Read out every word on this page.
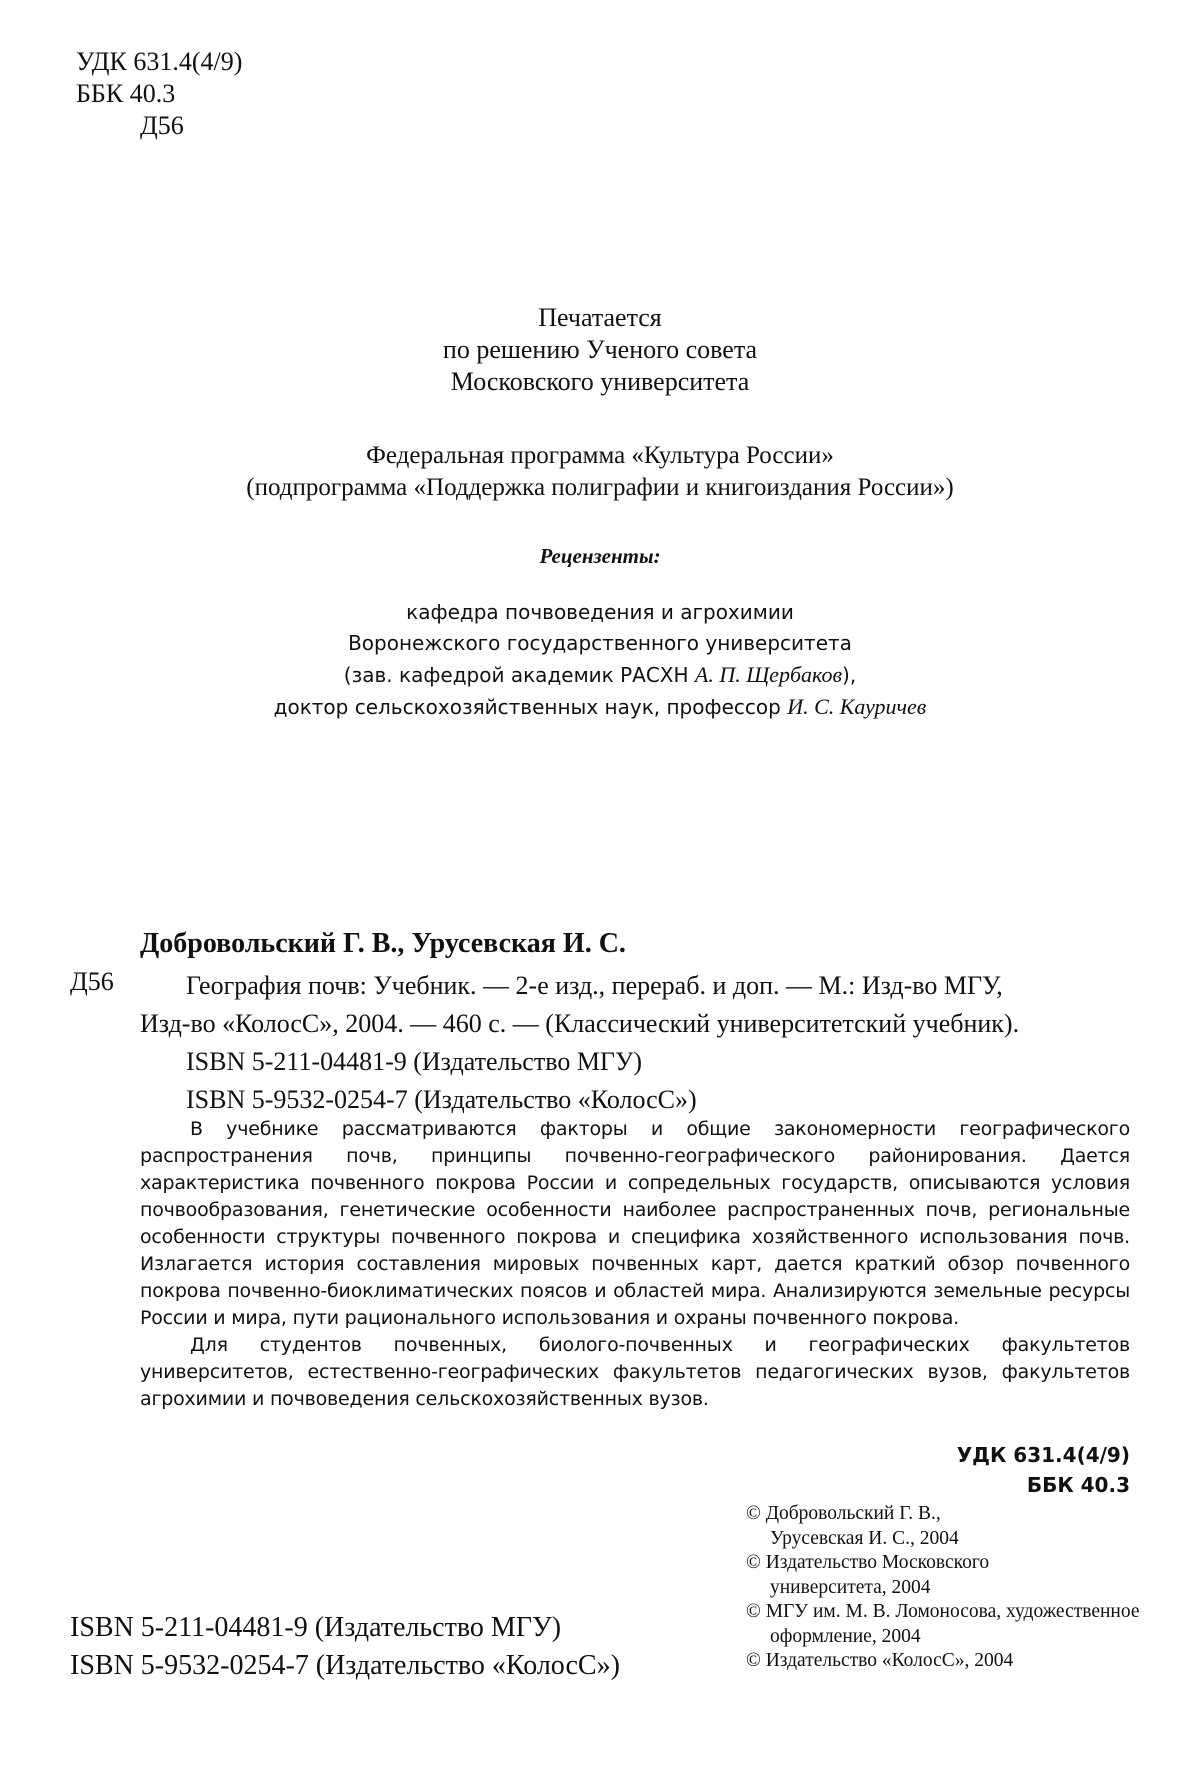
УДК 631.4(4/9)
ББК 40.3
Д56
Печатается
по решению Ученого совета
Московского университета
Федеральная программа «Культура России»
(подпрограмма «Поддержка полиграфии и книгоиздания России»)
Рецензенты:
кафедра почвоведения и агрохимии
Воронежского государственного университета
(зав. кафедрой академик РАСХН А. П. Щербаков),
доктор сельскохозяйственных наук, профессор И. С. Кауричев
Добровольский Г. В., Урусевская И. С.
Д56	География почв: Учебник. — 2-е изд., перераб. и доп. — М.: Изд-во МГУ,
Изд-во «КолосС», 2004. — 460 с. — (Классический университетский учебник).
ISBN 5-211-04481-9 (Издательство МГУ)
ISBN 5-9532-0254-7 (Издательство «КолосС»)

В учебнике рассматриваются факторы и общие закономерности географического распространения почв, принципы почвенно-географического районирования. Дается характеристика почвенного покрова России и сопредельных государств, описываются условия почвообразования, генетические особенности наиболее распространенных почв, региональные особенности структуры почвенного покрова и специфика хозяйственного использования почв. Излагается история составления мировых почвенных карт, дается краткий обзор почвенного покрова почвенно-биоклиматических поясов и областей мира. Анализируются земельные ресурсы России и мира, пути рационального использования и охраны почвенного покрова.

Для студентов почвенных, биолого-почвенных и географических факультетов университетов, естественно-географических факультетов педагогических вузов, факультетов агрохимии и почвоведения сельскохозяйственных вузов.

УДК 631.4(4/9)
ББК 40.3
ISBN 5-211-04481-9 (Издательство МГУ)
ISBN 5-9532-0254-7 (Издательство «КолосС»)
© Добровольский Г. В., Урусевская И. С., 2004
© Издательство Московского университета, 2004
© МГУ им. М. В. Ломоносова, художественное оформление, 2004
© Издательство «КолосС», 2004
